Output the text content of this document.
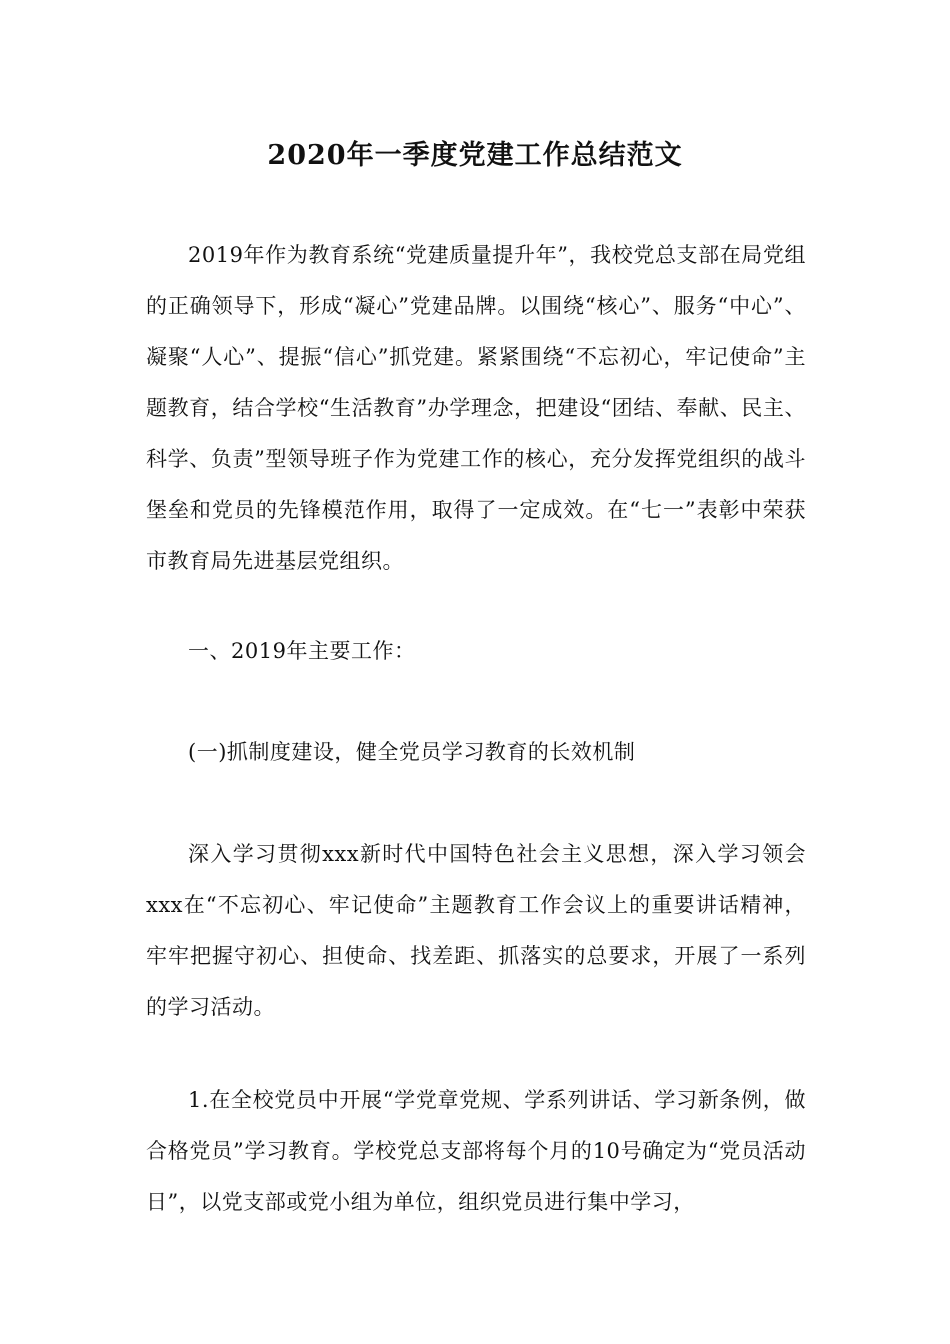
2020年一季度党建工作总结范文

2019年作为教育系统“党建质量提升年”，我校党总支部在局党组的正确领导下，形成“凝心”党建品牌。以围绕“核心”、服务“中心”、凝聚“人心”、提振“信心”抓党建。紧紧围绕“不忘初心，牢记使命”主题教育，结合学校“生活教育”办学理念，把建设“团结、奉献、民主、科学、负责”型领导班子作为党建工作的核心，充分发挥党组织的战斗堡垒和党员的先锋模范作用，取得了一定成效。在“七一”表彰中荣获市教育局先进基层党组织。

一、2019年主要工作：

(一)抓制度建设，健全党员学习教育的长效机制

深入学习贯彻xxx新时代中国特色社会主义思想，深入学习领会xxx在“不忘初心、牢记使命”主题教育工作会议上的重要讲话精神，牢牢把握守初心、担使命、找差距、抓落实的总要求，开展了一系列的学习活动。

1.在全校党员中开展“学党章党规、学系列讲话、学习新条例，做合格党员”学习教育。学校党总支部将每个月的10号确定为“党员活动日”，以党支部或党小组为单位，组织党员进行集中学习，
